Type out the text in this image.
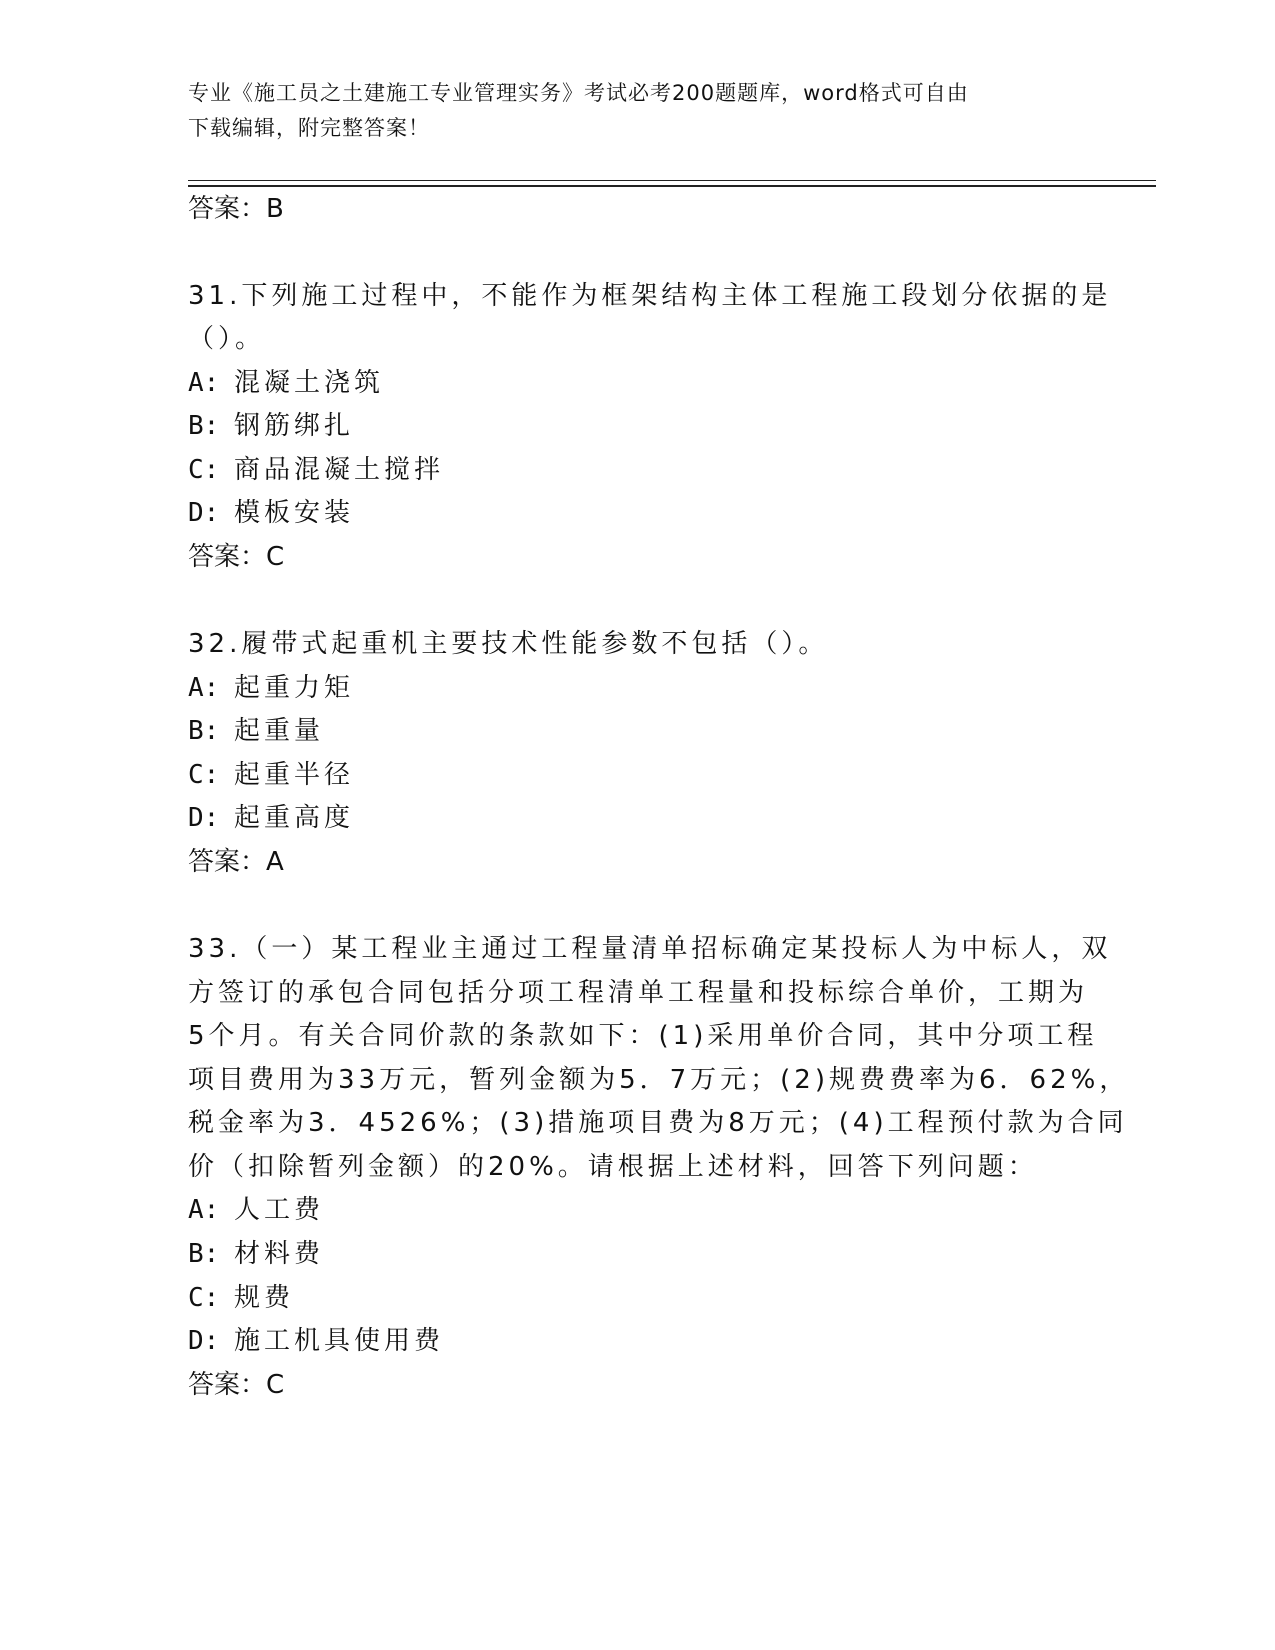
专业《施工员之土建施工专业管理实务》考试必考200题题库，word格式可自由
下载编辑，附完整答案！
答案：B
31.下列施工过程中，不能作为框架结构主体工程施工段划分依据的是
（）。
A: 混凝土浇筑
B: 钢筋绑扎
C: 商品混凝土搅拌
D: 模板安装
答案：C
32.履带式起重机主要技术性能参数不包括（）。
A: 起重力矩
B: 起重量
C: 起重半径
D: 起重高度
答案：A
33.（一）某工程业主通过工程量清单招标确定某投标人为中标人，双
方签订的承包合同包括分项工程清单工程量和投标综合单价，工期为
5个月。有关合同价款的条款如下：(1)采用单价合同，其中分项工程
项目费用为33万元，暂列金额为5．7万元；(2)规费费率为6．62%，
税金率为3．4526%；(3)措施项目费为8万元；(4)工程预付款为合同
价（扣除暂列金额）的20%。请根据上述材料，回答下列问题：
A: 人工费
B: 材料费
C: 规费
D: 施工机具使用费
答案：C
